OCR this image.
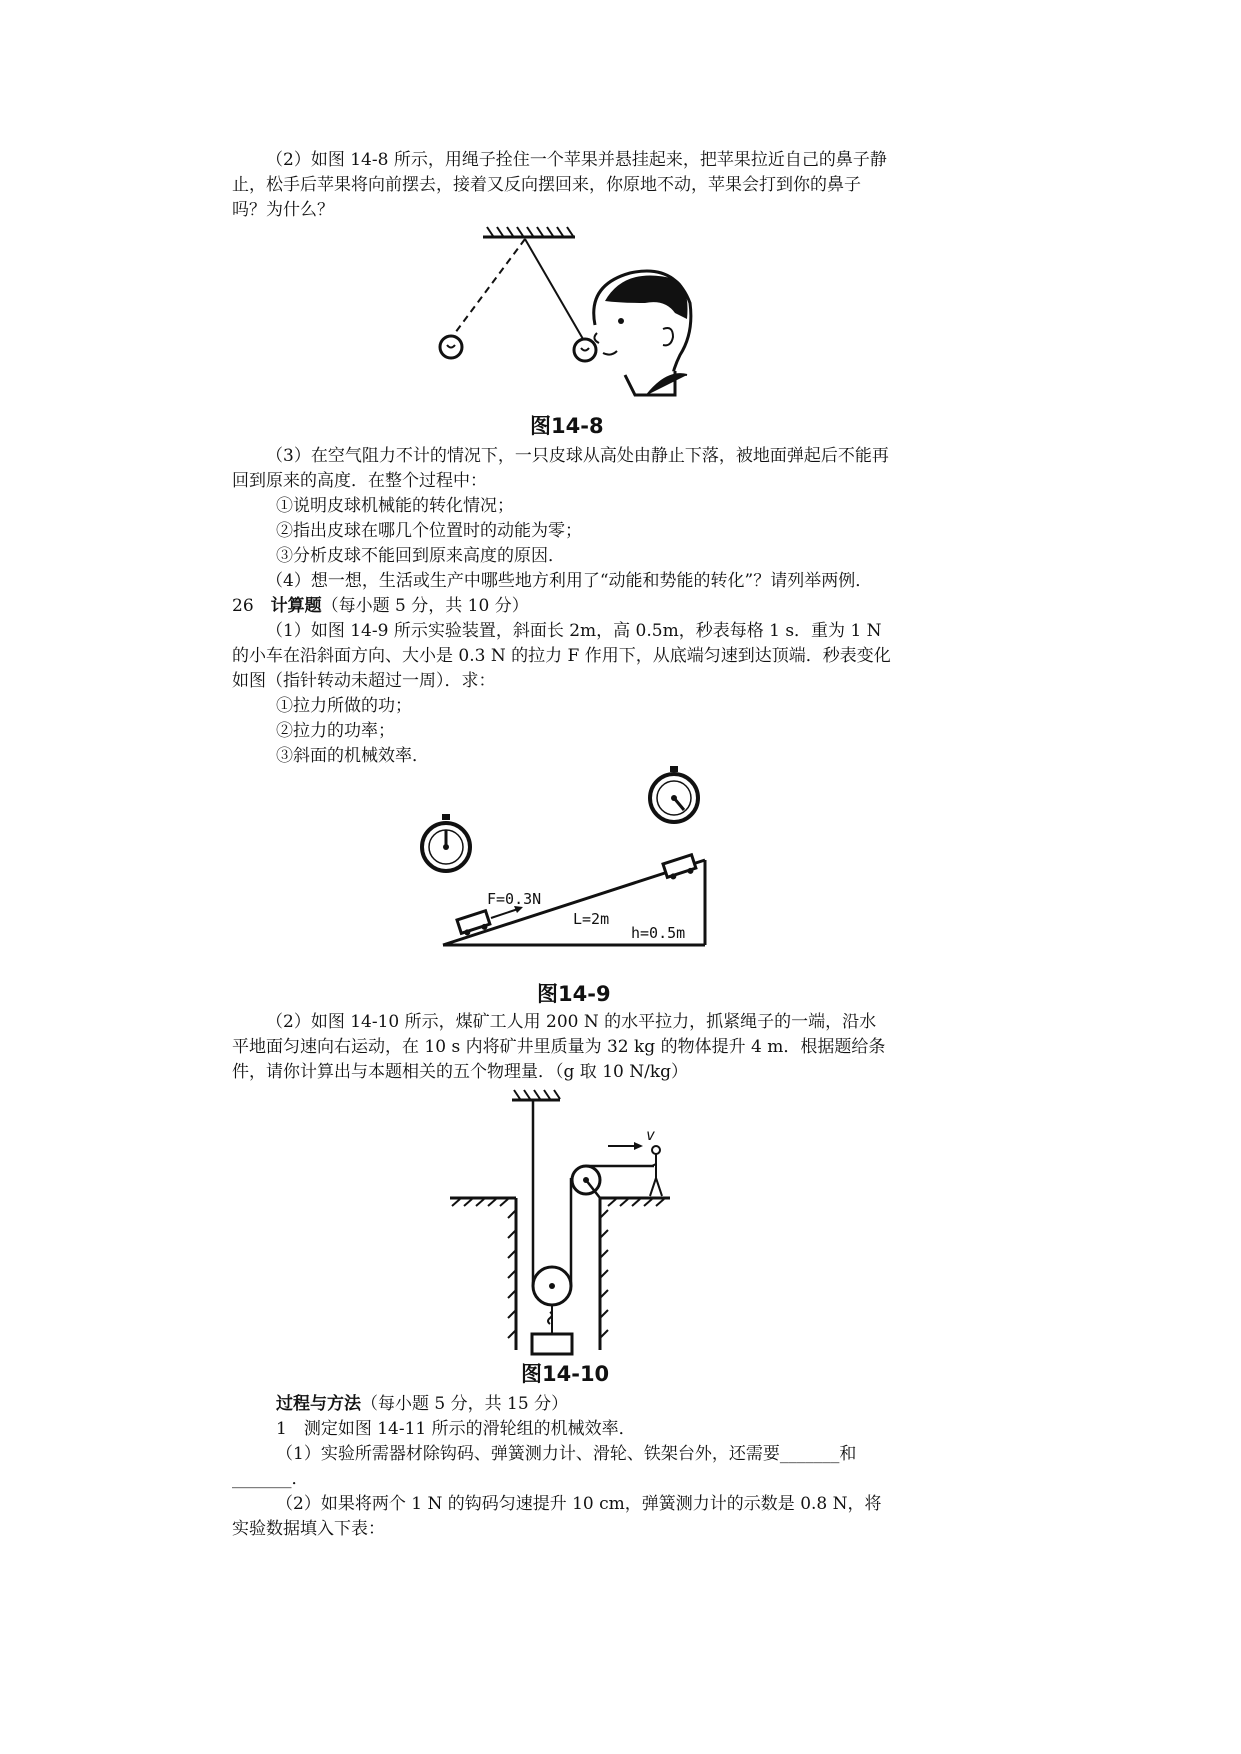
（2）如图 14-8 所示，用绳子拴住一个苹果并悬挂起来，把苹果拉近自己的鼻子静止，松手后苹果将向前摆去，接着又反向摆回来，你原地不动，苹果会打到你的鼻子吗？为什么？

图14-8

（3）在空气阻力不计的情况下，一只皮球从高处由静止下落，被地面弹起后不能再回到原来的高度．在整个过程中：

①说明皮球机械能的转化情况；

②指出皮球在哪几个位置时的动能为零；

③分析皮球不能回到原来高度的原因．

（4）想一想，生活或生产中哪些地方利用了“动能和势能的转化”？请列举两例．26　 计算题（每小题 5 分，共 10 分）

（1）如图 14-9 所示实验装置，斜面长 2m，高 0.5m，秒表每格 1 s．重为 1 N的小车在沿斜面方向、大小是 0.3 N 的拉力 F 作用下，从底端匀速到达顶端．秒表变化如图（指针转动未超过一周）．求：

①拉力所做的功；

②拉力的功率；

③斜面的机械效率．

F=0.3N
L=2m
h=0.5m
图14-9

（2）如图 14-10 所示，煤矿工人用 200 N 的水平拉力，抓紧绳子的一端，沿水平地面匀速向右运动，在 10 s 内将矿井里质量为 32 kg 的物体提升 4 m．根据题给条件，请你计算出与本题相关的五个物理量．（g 取 10 N/kg）

v
图14-10

过程与方法（每小题 5 分，共 15 分）

1　测定如图 14-11 所示的滑轮组的机械效率．

（1）实验所需器材除钩码、弹簧测力计、滑轮、铁架台外，还需要_______和_______．

（2）如果将两个 1 N 的钩码匀速提升 10 cm，弹簧测力计的示数是 0.8 N，将实验数据填入下表：
